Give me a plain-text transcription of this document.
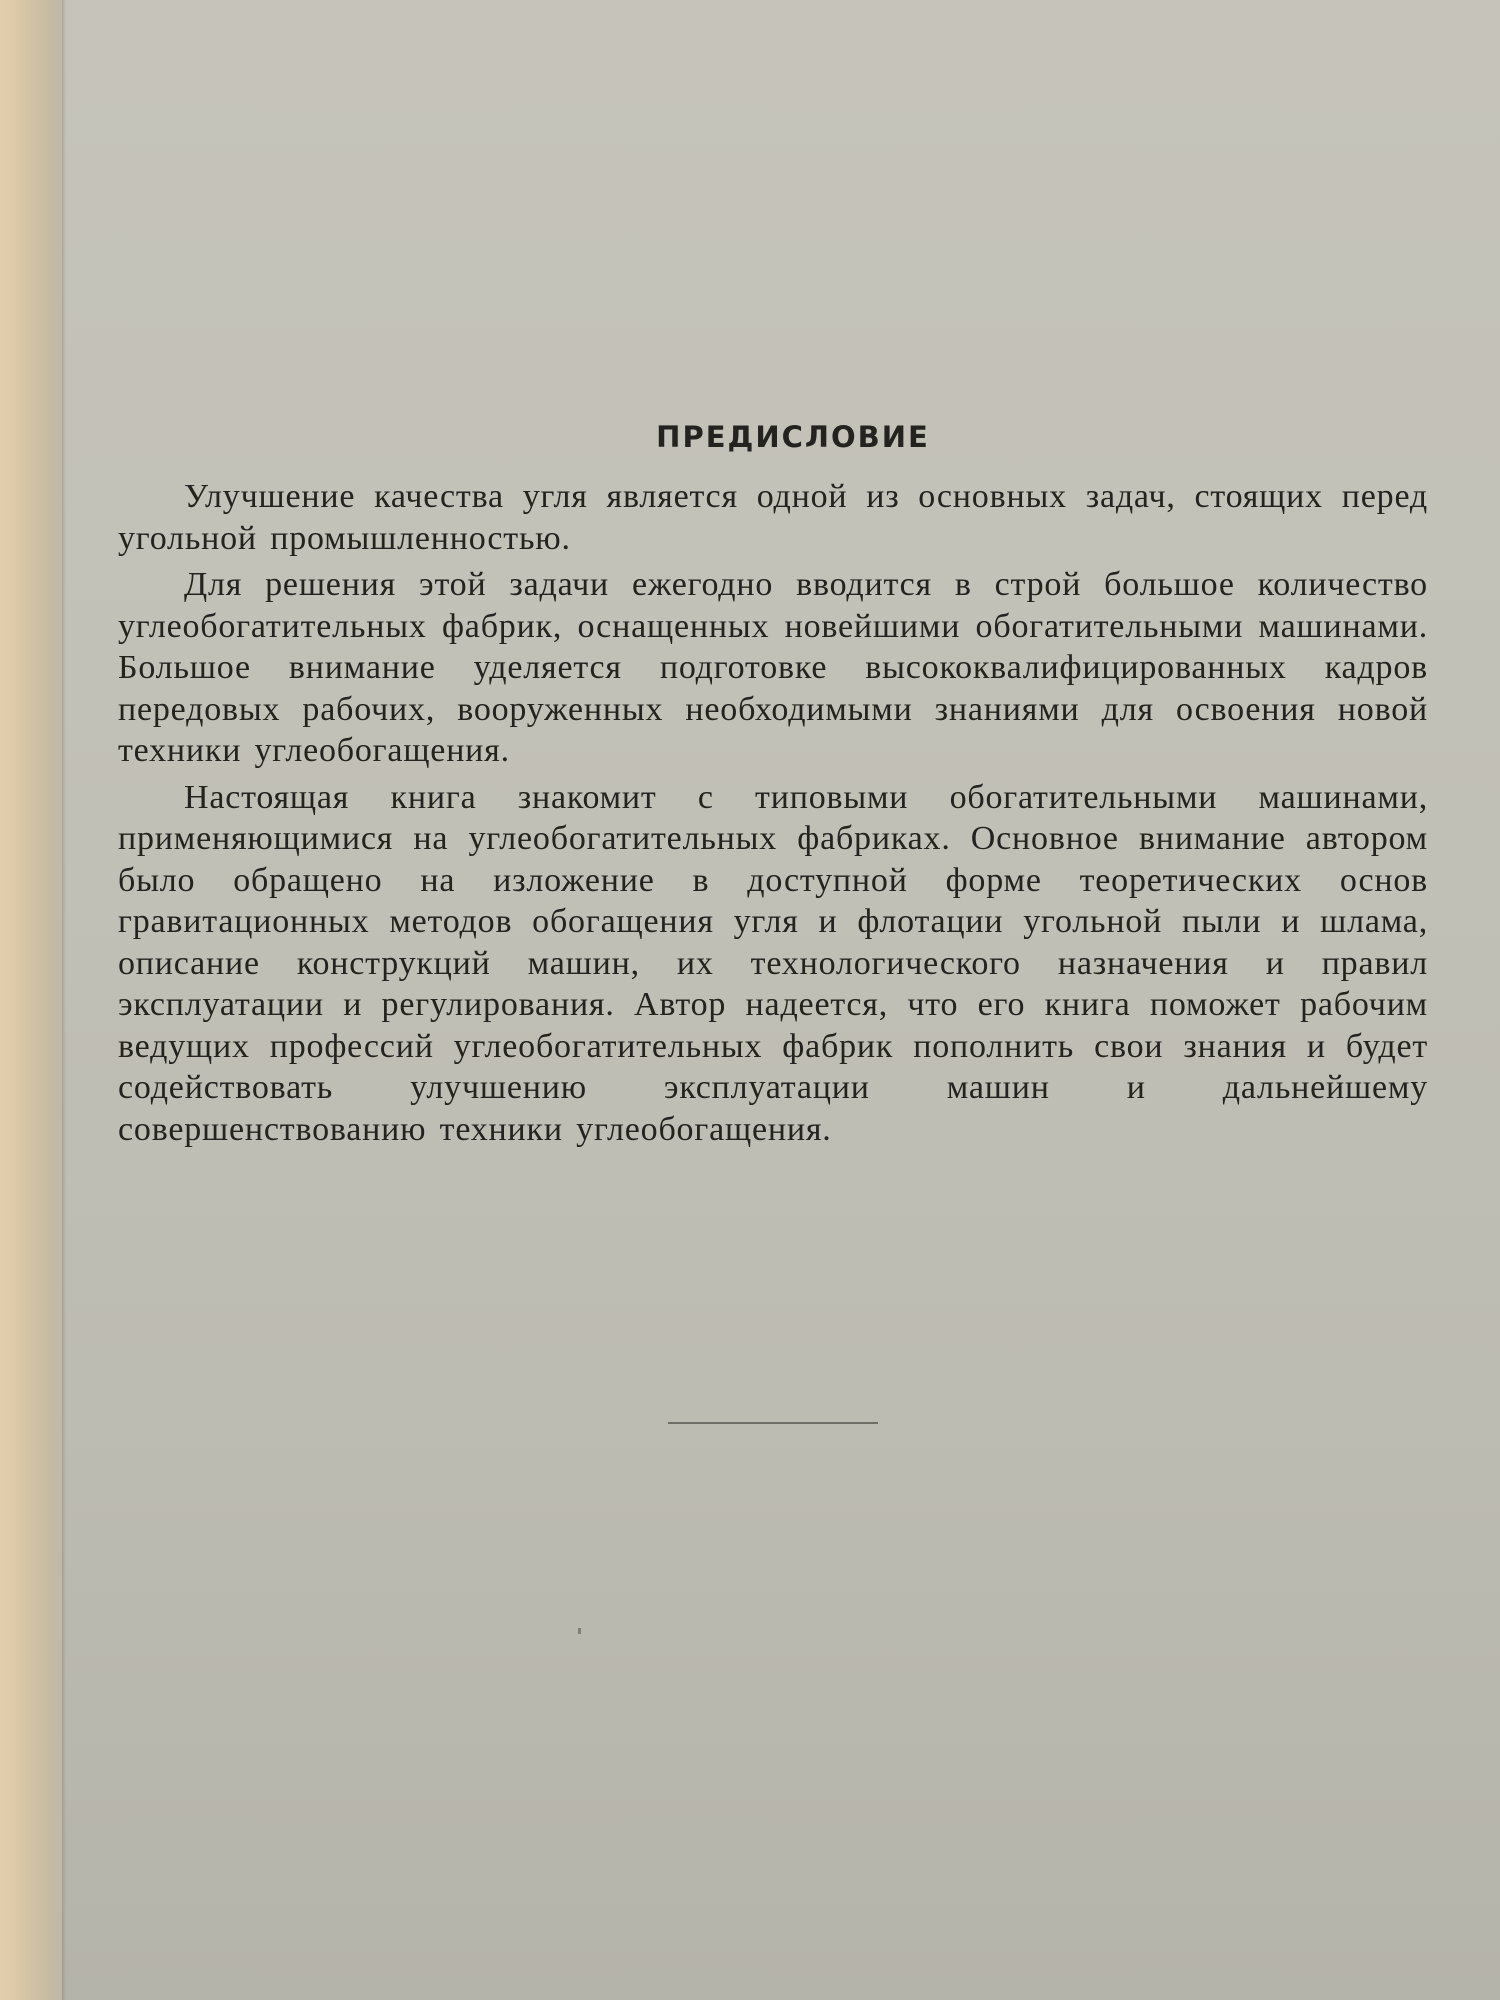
ПРЕДИСЛОВИЕ

Улучшение качества угля является одной из основных задач, стоящих перед угольной промышленностью.

Для решения этой задачи ежегодно вводится в строй большое количество углеобогатительных фабрик, оснащенных новейшими обогатительными машинами. Большое внимание уделяется подготовке высококвалифицированных кадров передовых рабочих, вооруженных необходимыми знаниями для освоения новой техники углеобогащения.

Настоящая книга знакомит с типовыми обогатительными машинами, применяющимися на углеобогатительных фабриках. Основное внимание автором было обращено на изложение в доступной форме теоретических основ гравитационных методов обогащения угля и флотации угольной пыли и шлама, описание конструкций машин, их технологического назначения и правил эксплуатации и регулирования. Автор надеется, что его книга поможет рабочим ведущих профессий углеобогатительных фабрик пополнить свои знания и будет содействовать улучшению эксплуатации машин и дальнейшему совершенствованию техники углеобогащения.
